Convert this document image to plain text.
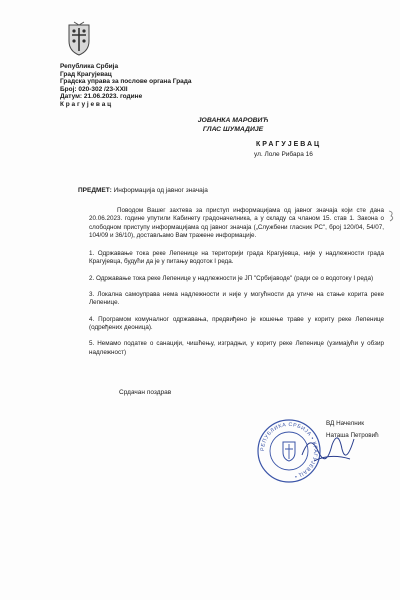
Република Србија
Град Крагујевац
Градска управа за послове органа Града
Број: 020-302 /23-XXII
Датум: 21.06.2023. године
К р а г у ј е в а ц
ЈОВАНКА МАРОВИЋ
ГЛАС ШУМАДИЈЕ
КРАГУЈЕВАЦ
ул. Лоле Рибара 16
ПРЕДМЕТ: Информација од јавног значаја

Поводом Вашег захтева за приступ информацијама од јавног значаја који сте дана 20.06.2023. године упутили Кабинету градоначелника, а у складу са чланом 15. став 1. Закона о слободном приступу информацијама од јавног значаја („Службени гласник РС", број 120/04, 54/07, 104/09 и 36/10), достављамо Вам тражене информације.

1. Одржавање тока реке Лепенице на територији града Крагујевца, није у надлежности града Крагујевца, будући да је у питању водоток I реда.

2. Одржавање тока реке Лепенице у надлежности је ЈП "Србијаводе" (ради се о водотоку I реда)

3. Локална самоуправа нема надлежности и није у могућности да утиче на стање корита реке Лепенице.

4. Програмом комуналног одржавања, предвиђено је кошење траве у кориту реке Лепенице (одређених деоница).

5. Немамо податке о санацији, чишћењу, изградњи, у кориту реке Лепенице (узимајући у обзир надлежност)

Срдачан поздрав
РЕПУБЛИКА СРБИЈА • КРАГУЈЕВАЦ •
ВД Начелник
Наташа Петровић
